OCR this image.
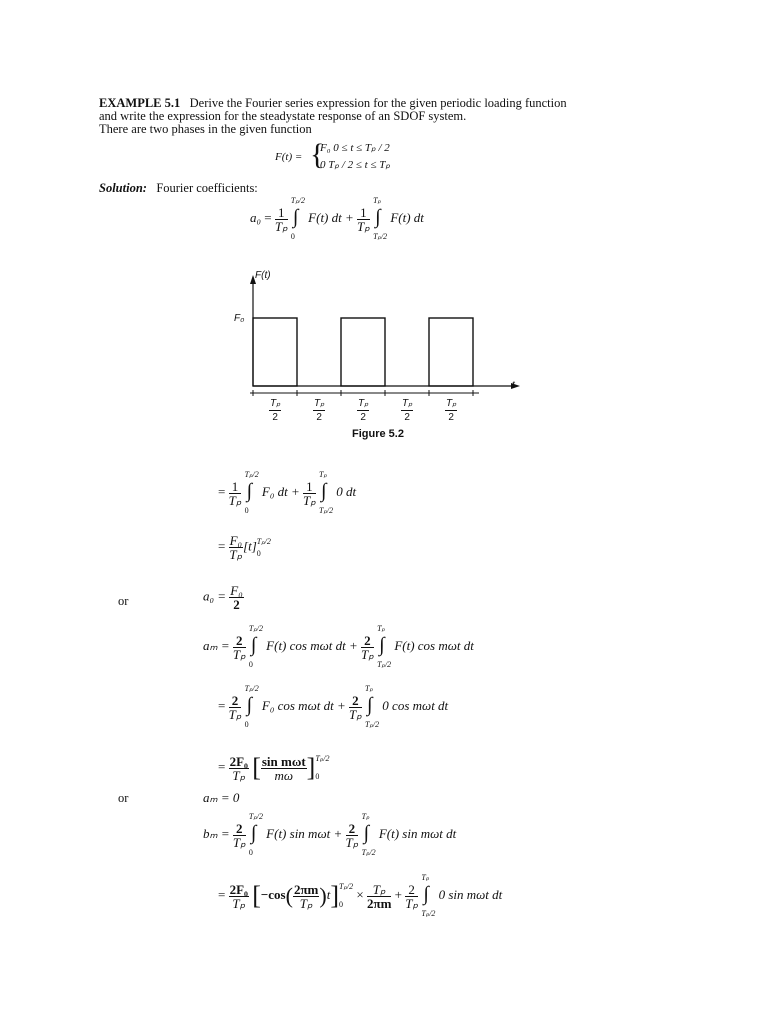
EXAMPLE 5.1 Derive the Fourier series expression for the given periodic loading function
and write the expression for the steadystate response of an SDOF system.
There are two phases in the given function
F(t) = {
F₀ 0 ≤ t ≤ Tₚ / 2
0 Tₚ / 2 ≤ t ≤ Tₚ
Solution: Fourier coefficients:
$a_0 = \frac{1}{\text{Tₚ}}$

Tₚ/2
∫
0
F(t) dt + $\frac{1}{\text{Tₚ}}$

Tₚ
∫
Tₚ/2
F(t) dt
F(t)
F₀
t
$\frac{\text{Tₚ}}{2}$	$\frac{\text{Tₚ}}{2}$	$\frac{\text{Tₚ}}{2}$	$\frac{\text{Tₚ}}{2}$	$\frac{\text{Tₚ}}{2}$
Figure 5.2
= $\frac{1}{\text{Tₚ}}$

Tₚ/2
∫
0
F₀ dt + $\frac{1}{\text{Tₚ}}$

Tₚ
∫
Tₚ/2
0 dt
= $\frac{\text{F₀}}{\text{Tₚ}} [t]$ Tₚ/2
0
or	$a_0 = \frac{\text{F₀}}{2}$
$a_m = \frac{2}{\text{Tₚ}}$

Tₚ/2
∫
0
F(t) cos mωt dt + $\frac{2}{\text{Tₚ}}$

Tₚ
∫
Tₚ/2
F(t) cos mωt dt
= $\frac{2}{\text{Tₚ}}$

Tₚ/2
∫
0
F₀ cos mωt dt + $\frac{2}{\text{Tₚ}}$

Tₚ
∫
Tₚ/2
0 cos mωt dt
= $\frac{\text{2F₀}}{\text{Tₚ}}$ [ $\frac{\text{sin mωt}}{m\omega}$ ] Tₚ/2
0
or	aₘ = 0
$b_m = \frac{2}{\text{Tₚ}}$

Tₚ/2
∫
0
F(t) $\sin m\omega t + \frac{2}{\text{Tₚ}}$

Tₚ
∫
Tₚ/2
F(t) sin mωt dt
= $\frac{\text{2F₀}}{\text{Tₚ}} [-\cos( \frac{2\pi m}{\text{Tₚ}} )t]$ Tₚ/2
0
× $\frac{\text{Tₚ}}{2\pi m} + \frac{2}{\text{Tₚ}}$

Tₚ
∫
Tₚ/2
0 sin mωt dt
